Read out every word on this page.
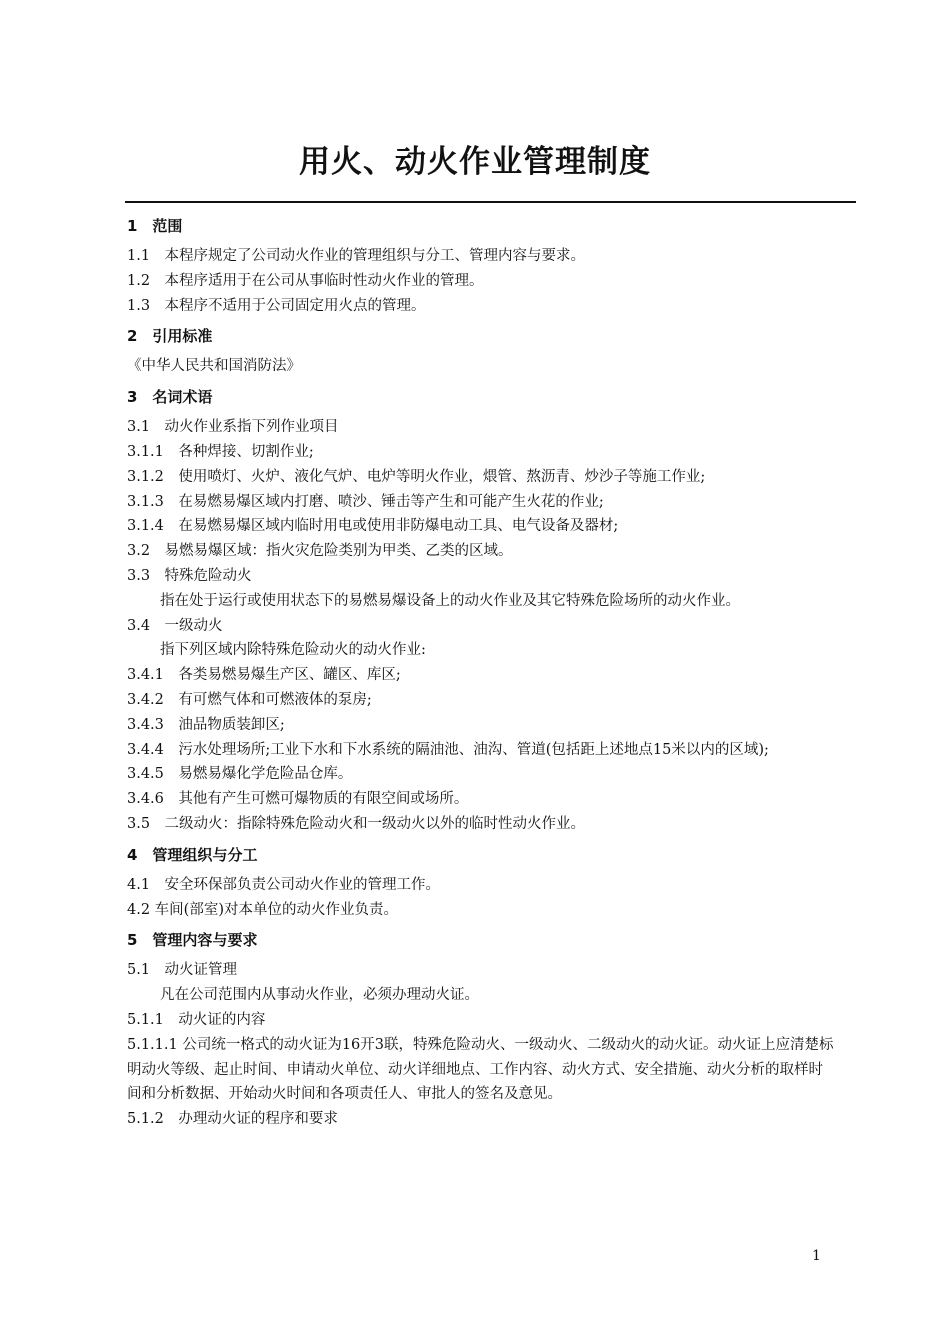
用火、动火作业管理制度
1　范围
1.1　本程序规定了公司动火作业的管理组织与分工、管理内容与要求。
1.2　本程序适用于在公司从事临时性动火作业的管理。
1.3　本程序不适用于公司固定用火点的管理。
2　引用标准
《中华人民共和国消防法》
3　名词术语
3.1　动火作业系指下列作业项目
3.1.1　各种焊接、切割作业;
3.1.2　使用喷灯、火炉、液化气炉、电炉等明火作业，煨管、熬沥青、炒沙子等施工作业;
3.1.3　在易燃易爆区域内打磨、喷沙、锤击等产生和可能产生火花的作业;
3.1.4　在易燃易爆区域内临时用电或使用非防爆电动工具、电气设备及器材;
3.2　易燃易爆区域：指火灾危险类别为甲类、乙类的区域。
3.3　特殊危险动火
指在处于运行或使用状态下的易燃易爆设备上的动火作业及其它特殊危险场所的动火作业。
3.4　一级动火
指下列区域内除特殊危险动火的动火作业:
3.4.1　各类易燃易爆生产区、罐区、库区;
3.4.2　有可燃气体和可燃液体的泵房;
3.4.3　油品物质装卸区;
3.4.4　污水处理场所;工业下水和下水系统的隔油池、油沟、管道(包括距上述地点15米以内的区域);
3.4.5　易燃易爆化学危险品仓库。
3.4.6　其他有产生可燃可爆物质的有限空间或场所。
3.5　二级动火：指除特殊危险动火和一级动火以外的临时性动火作业。
4　管理组织与分工
4.1　安全环保部负责公司动火作业的管理工作。
4.2 车间(部室)对本单位的动火作业负责。
5　管理内容与要求
5.1　动火证管理
凡在公司范围内从事动火作业，必须办理动火证。
5.1.1　动火证的内容
5.1.1.1 公司统一格式的动火证为16开3联，特殊危险动火、一级动火、二级动火的动火证。动火证上应清楚标明动火等级、起止时间、申请动火单位、动火详细地点、工作内容、动火方式、安全措施、动火分析的取样时间和分析数据、开始动火时间和各项责任人、审批人的签名及意见。
5.1.2　办理动火证的程序和要求
1
